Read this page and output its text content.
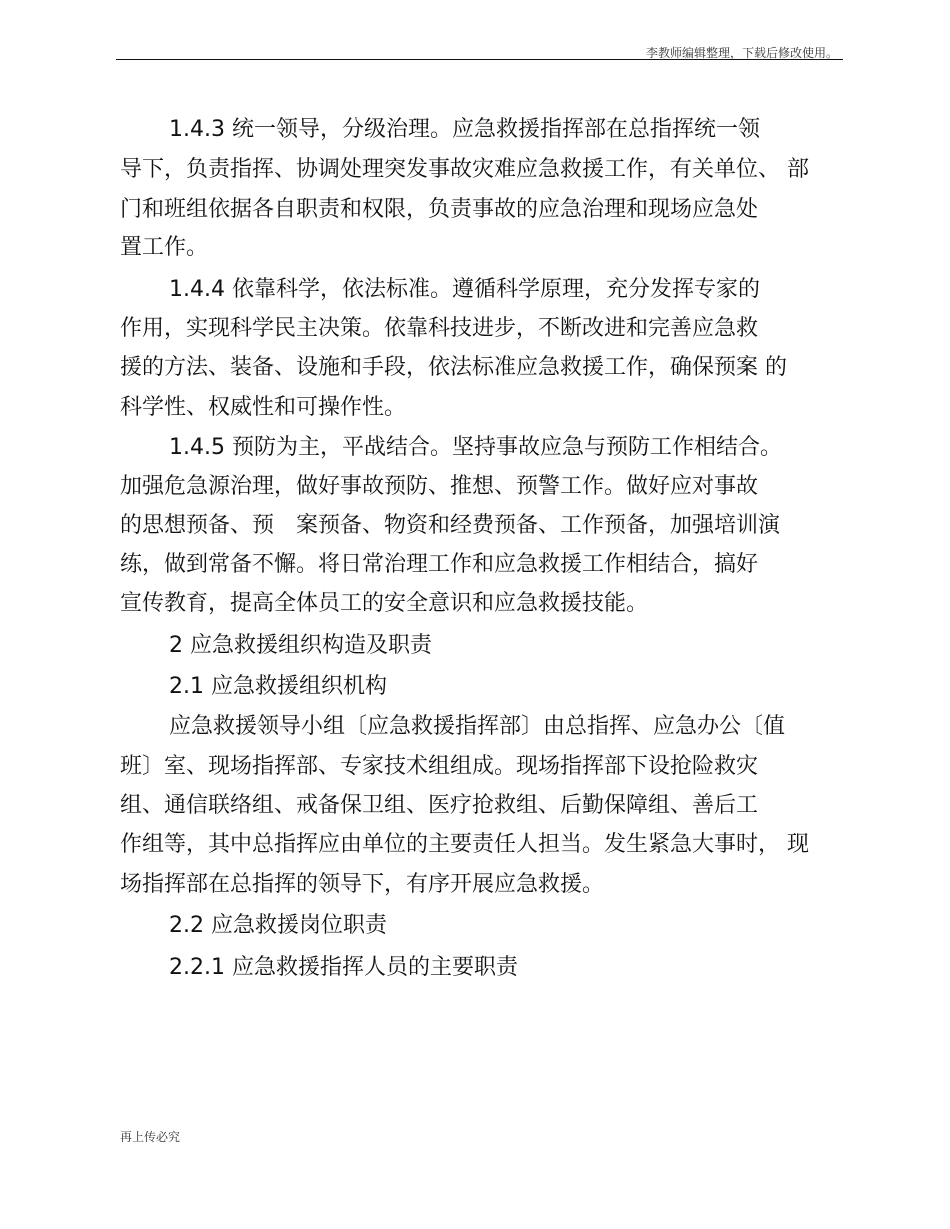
李教师编辑整理，下载后修改使用。
1.4.3 统一领导，分级治理。应急救援指挥部在总指挥统一领
导下，负责指挥、协调处理突发事故灾难应急救援工作，有关单位、 部
门和班组依据各自职责和权限，负责事故的应急治理和现场应急处
置工作。
1.4.4 依靠科学，依法标准。遵循科学原理，充分发挥专家的
作用，实现科学民主决策。依靠科技进步，不断改进和完善应急救
援的方法、装备、设施和手段，依法标准应急救援工作，确保预案 的
科学性、权威性和可操作性。
1.4.5 预防为主，平战结合。坚持事故应急与预防工作相结合。
加强危急源治理，做好事故预防、推想、预警工作。做好应对事故
的思想预备、预　案预备、物资和经费预备、工作预备，加强培训演
练，做到常备不懈。将日常治理工作和应急救援工作相结合，搞好
宣传教育，提高全体员工的安全意识和应急救援技能。
2 应急救援组织构造及职责
2.1 应急救援组织机构
应急救援领导小组〔应急救援指挥部〕由总指挥、应急办公〔值
班〕室、现场指挥部、专家技术组组成。现场指挥部下设抢险救灾
组、通信联络组、戒备保卫组、医疗抢救组、后勤保障组、善后工
作组等，其中总指挥应由单位的主要责任人担当。发生紧急大事时， 现
场指挥部在总指挥的领导下，有序开展应急救援。
2.2 应急救援岗位职责
2.2.1 应急救援指挥人员的主要职责
再上传必究
